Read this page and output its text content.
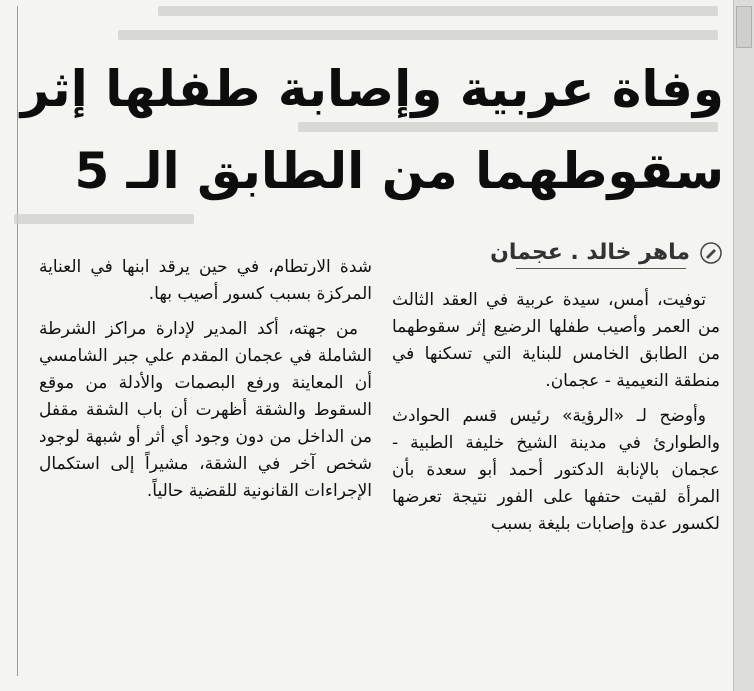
وفاة عربية وإصابة طفلها إثر
سقوطهما من الطابق الـ 5
ماهر خالد . عجمان

توفيت، أمس، سيدة عربية في العقد الثالث من العمر وأصيب طفلها الرضيع إثر سقوطهما من الطابق الخامس للبناية التي تسكنها في منطقة النعيمية - عجمان.

وأوضح لـ «الرؤية» رئيس قسم الحوادث والطوارئ في مدينة الشيخ خليفة الطبية - عجمان بالإنابة الدكتور أحمد أبو سعدة بأن المرأة لقيت حتفها على الفور نتيجة تعرضها لكسور عدة وإصابات بليغة بسبب

شدة الارتطام، في حين يرقد ابنها في العناية المركزة بسبب كسور أصيب بها.

من جهته، أكد المدير لإدارة مراكز الشرطة الشاملة في عجمان المقدم علي جبر الشامسي أن المعاينة ورفع البصمات والأدلة من موقع السقوط والشقة أظهرت أن باب الشقة مقفل من الداخل من دون وجود أي أثر أو شبهة لوجود شخص آخر في الشقة، مشيراً إلى استكمال الإجراءات القانونية للقضية حالياً.
